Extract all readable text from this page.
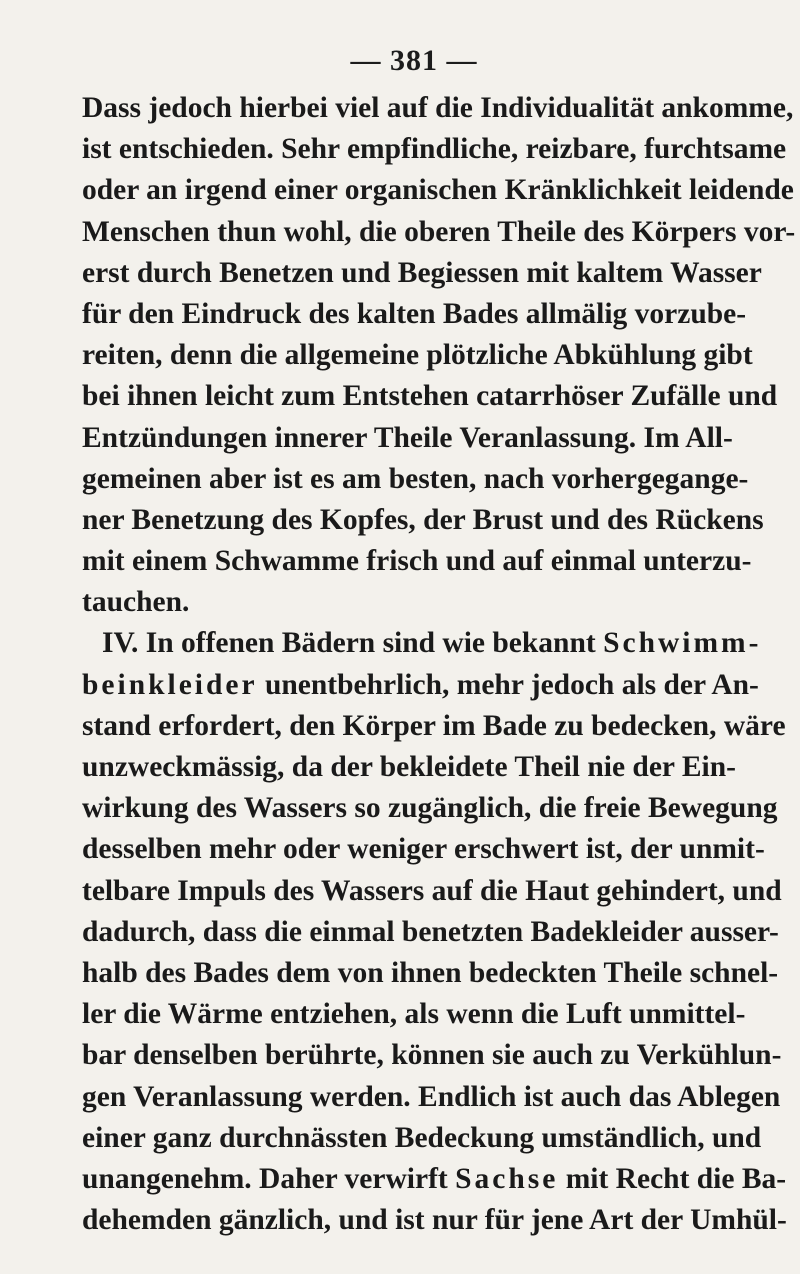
— 381 —
Dass jedoch hierbei viel auf die Individualität ankomme,
ist entschieden. Sehr empfindliche, reizbare, furchtsame
oder an irgend einer organischen Kränklichkeit leidende
Menschen thun wohl, die oberen Theile des Körpers vor-
erst durch Benetzen und Begiessen mit kaltem Wasser
für den Eindruck des kalten Bades allmälig vorzube-
reiten, denn die allgemeine plötzliche Abkühlung gibt
bei ihnen leicht zum Entstehen catarrhöser Zufälle und
Entzündungen innerer Theile Veranlassung. Im All-
gemeinen aber ist es am besten, nach vorhergegange-
ner Benetzung des Kopfes, der Brust und des Rückens
mit einem Schwamme frisch und auf einmal unterzu-
tauchen.
IV. In offenen Bädern sind wie bekannt Schwimm-
beinkleider unentbehrlich, mehr jedoch als der An-
stand erfordert, den Körper im Bade zu bedecken, wäre
unzweckmässig, da der bekleidete Theil nie der Ein-
wirkung des Wassers so zugänglich, die freie Bewegung
desselben mehr oder weniger erschwert ist, der unmit-
telbare Impuls des Wassers auf die Haut gehindert, und
dadurch, dass die einmal benetzten Badekleider ausser-
halb des Bades dem von ihnen bedeckten Theile schnel-
ler die Wärme entziehen, als wenn die Luft unmittel-
bar denselben berührte, können sie auch zu Verkühlun-
gen Veranlassung werden. Endlich ist auch das Ablegen
einer ganz durchnässten Bedeckung umständlich, und
unangenehm. Daher verwirft Sachse mit Recht die Ba-
dehemden gänzlich, und ist nur für jene Art der Umhül-
